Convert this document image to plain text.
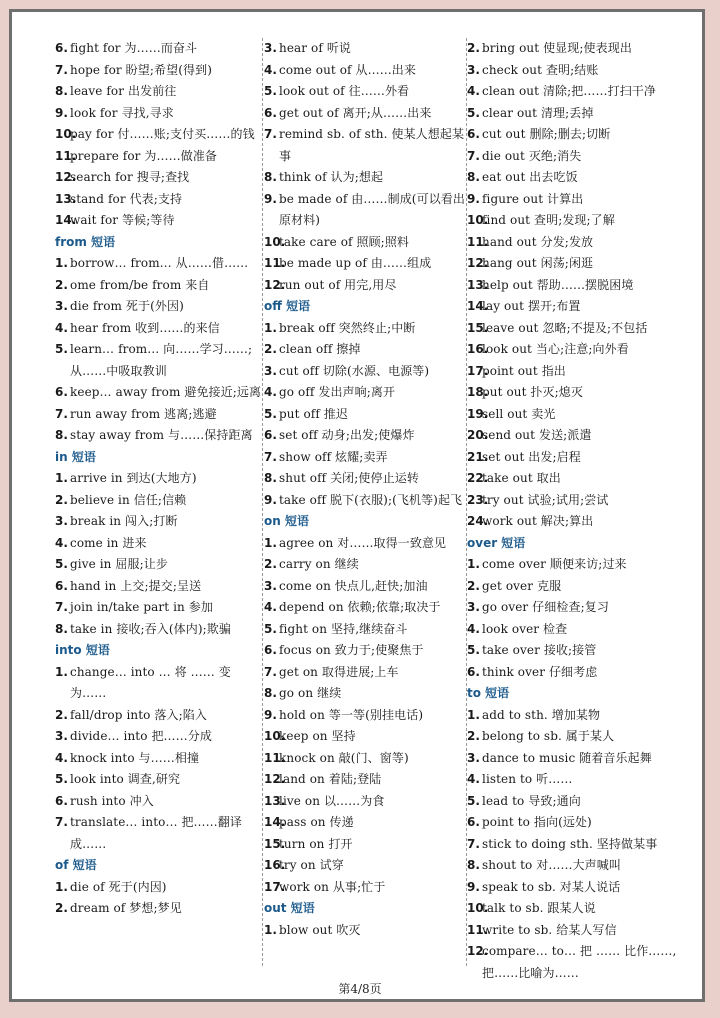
6. fight for 为……而奋斗
7. hope for 盼望;希望(得到)
8. leave for 出发前往
9. look for 寻找,寻求
10.
pay for 付……账;支付买……的钱
11.
prepare for 为……做准备
12.
search for 搜寻;查找
13.
stand for 代表;支持
14.
wait for 等候;等待
from 短语
1. borrow… from… 从……借……
2. ome from/be from 来自
3. die from 死于(外因)
4. hear from 收到……的来信
5. learn… from… 向……学习……;从……中吸取教训
6. keep… away from 避免接近;远离
7. run away from 逃离;逃避
8. stay away from 与……保持距离
in 短语
1. arrive in 到达(大地方)
2. believe in 信任;信赖
3. break in 闯入;打断
4. come in 进来
5. give in 屈服;让步
6. hand in 上交;提交;呈送
7. join in/take part in 参加
8. take in 接收;吞入(体内);欺骗
into 短语
1. change… into … 将 …… 变为……
2. fall/drop into 落入;陷入
3. divide… into 把……分成
4. knock into 与……相撞
5. look into 调查,研究
6. rush into 冲入
7. translate… into… 把……翻译成……
of 短语
1. die of 死于(内因)
2. dream of 梦想;梦见
3. hear of 听说
4. come out of 从……出来
5. look out of 往……外看
6. get out of 离开;从……出来
7. remind sb. of sth. 使某人想起某事
8. think of 认为;想起
9. be made of 由……制成(可以看出原材料)
10.
take care of 照顾;照料
11.
be made up of 由……组成
12.
run out of 用完,用尽
off 短语
1. break off 突然终止;中断
2. clean off 擦掉
3. cut off 切除(水源、电源等)
4. go off 发出声响;离开
5. put off 推迟
6. set off 动身;出发;使爆炸
7. show off 炫耀;卖弄
8. shut off 关闭;使停止运转
9. take off 脱下(衣服);(飞机等)起飞
on 短语
1. agree on 对……取得一致意见
2. carry on 继续
3. come on 快点儿,赶快;加油
4. depend on 依赖;依靠;取决于
5. fight on 坚持,继续奋斗
6. focus on 致力于;使聚焦于
7. get on 取得进展;上车
8. go on 继续
9. hold on 等一等(别挂电话)
10.
keep on 坚持
11.
knock on 敲(门、窗等)
12.
land on 着陆;登陆
13.
live on 以……为食
14.
pass on 传递
15.
turn on 打开
16.
try on 试穿
17.
work on 从事;忙于
out 短语
1. blow out 吹灭
2. bring out 使显现;使表现出
3. check out 查明;结账
4. clean out 清除;把……打扫干净
5. clear out 清理;丢掉
6. cut out 删除;删去;切断
7. die out 灭绝;消失
8. eat out 出去吃饭
9. figure out 计算出
10.
find out 查明;发现;了解
11.
hand out 分发;发放
12.
hang out 闲荡;闲逛
13.
help out 帮助……摆脱困境
14.
lay out 摆开;布置
15.
leave out 忽略;不提及;不包括
16.
look out 当心;注意;向外看
17.
point out 指出
18.
put out 扑灭;熄灭
19.
sell out 卖光
20.
send out 发送;派遣
21.
set out 出发;启程
22.
take out 取出
23.
try out 试验;试用;尝试
24.
work out 解决;算出
over 短语
1. come over 顺便来访;过来
2. get over 克服
3. go over 仔细检查;复习
4. look over 检查
5. take over 接收;接管
6. think over 仔细考虑
to 短语
1. add to sth. 增加某物
2. belong to sb. 属于某人
3. dance to music 随着音乐起舞
4. listen to 听……
5. lead to 导致;通向
6. point to 指向(远处)
7. stick to doing sth. 坚持做某事
8. shout to 对……大声喊叫
9. speak to sb. 对某人说话
10.
talk to sb. 跟某人说
11.
write to sb. 给某人写信
12.
compare… to… 把 …… 比作……,把……比喻为……
第4/8页
